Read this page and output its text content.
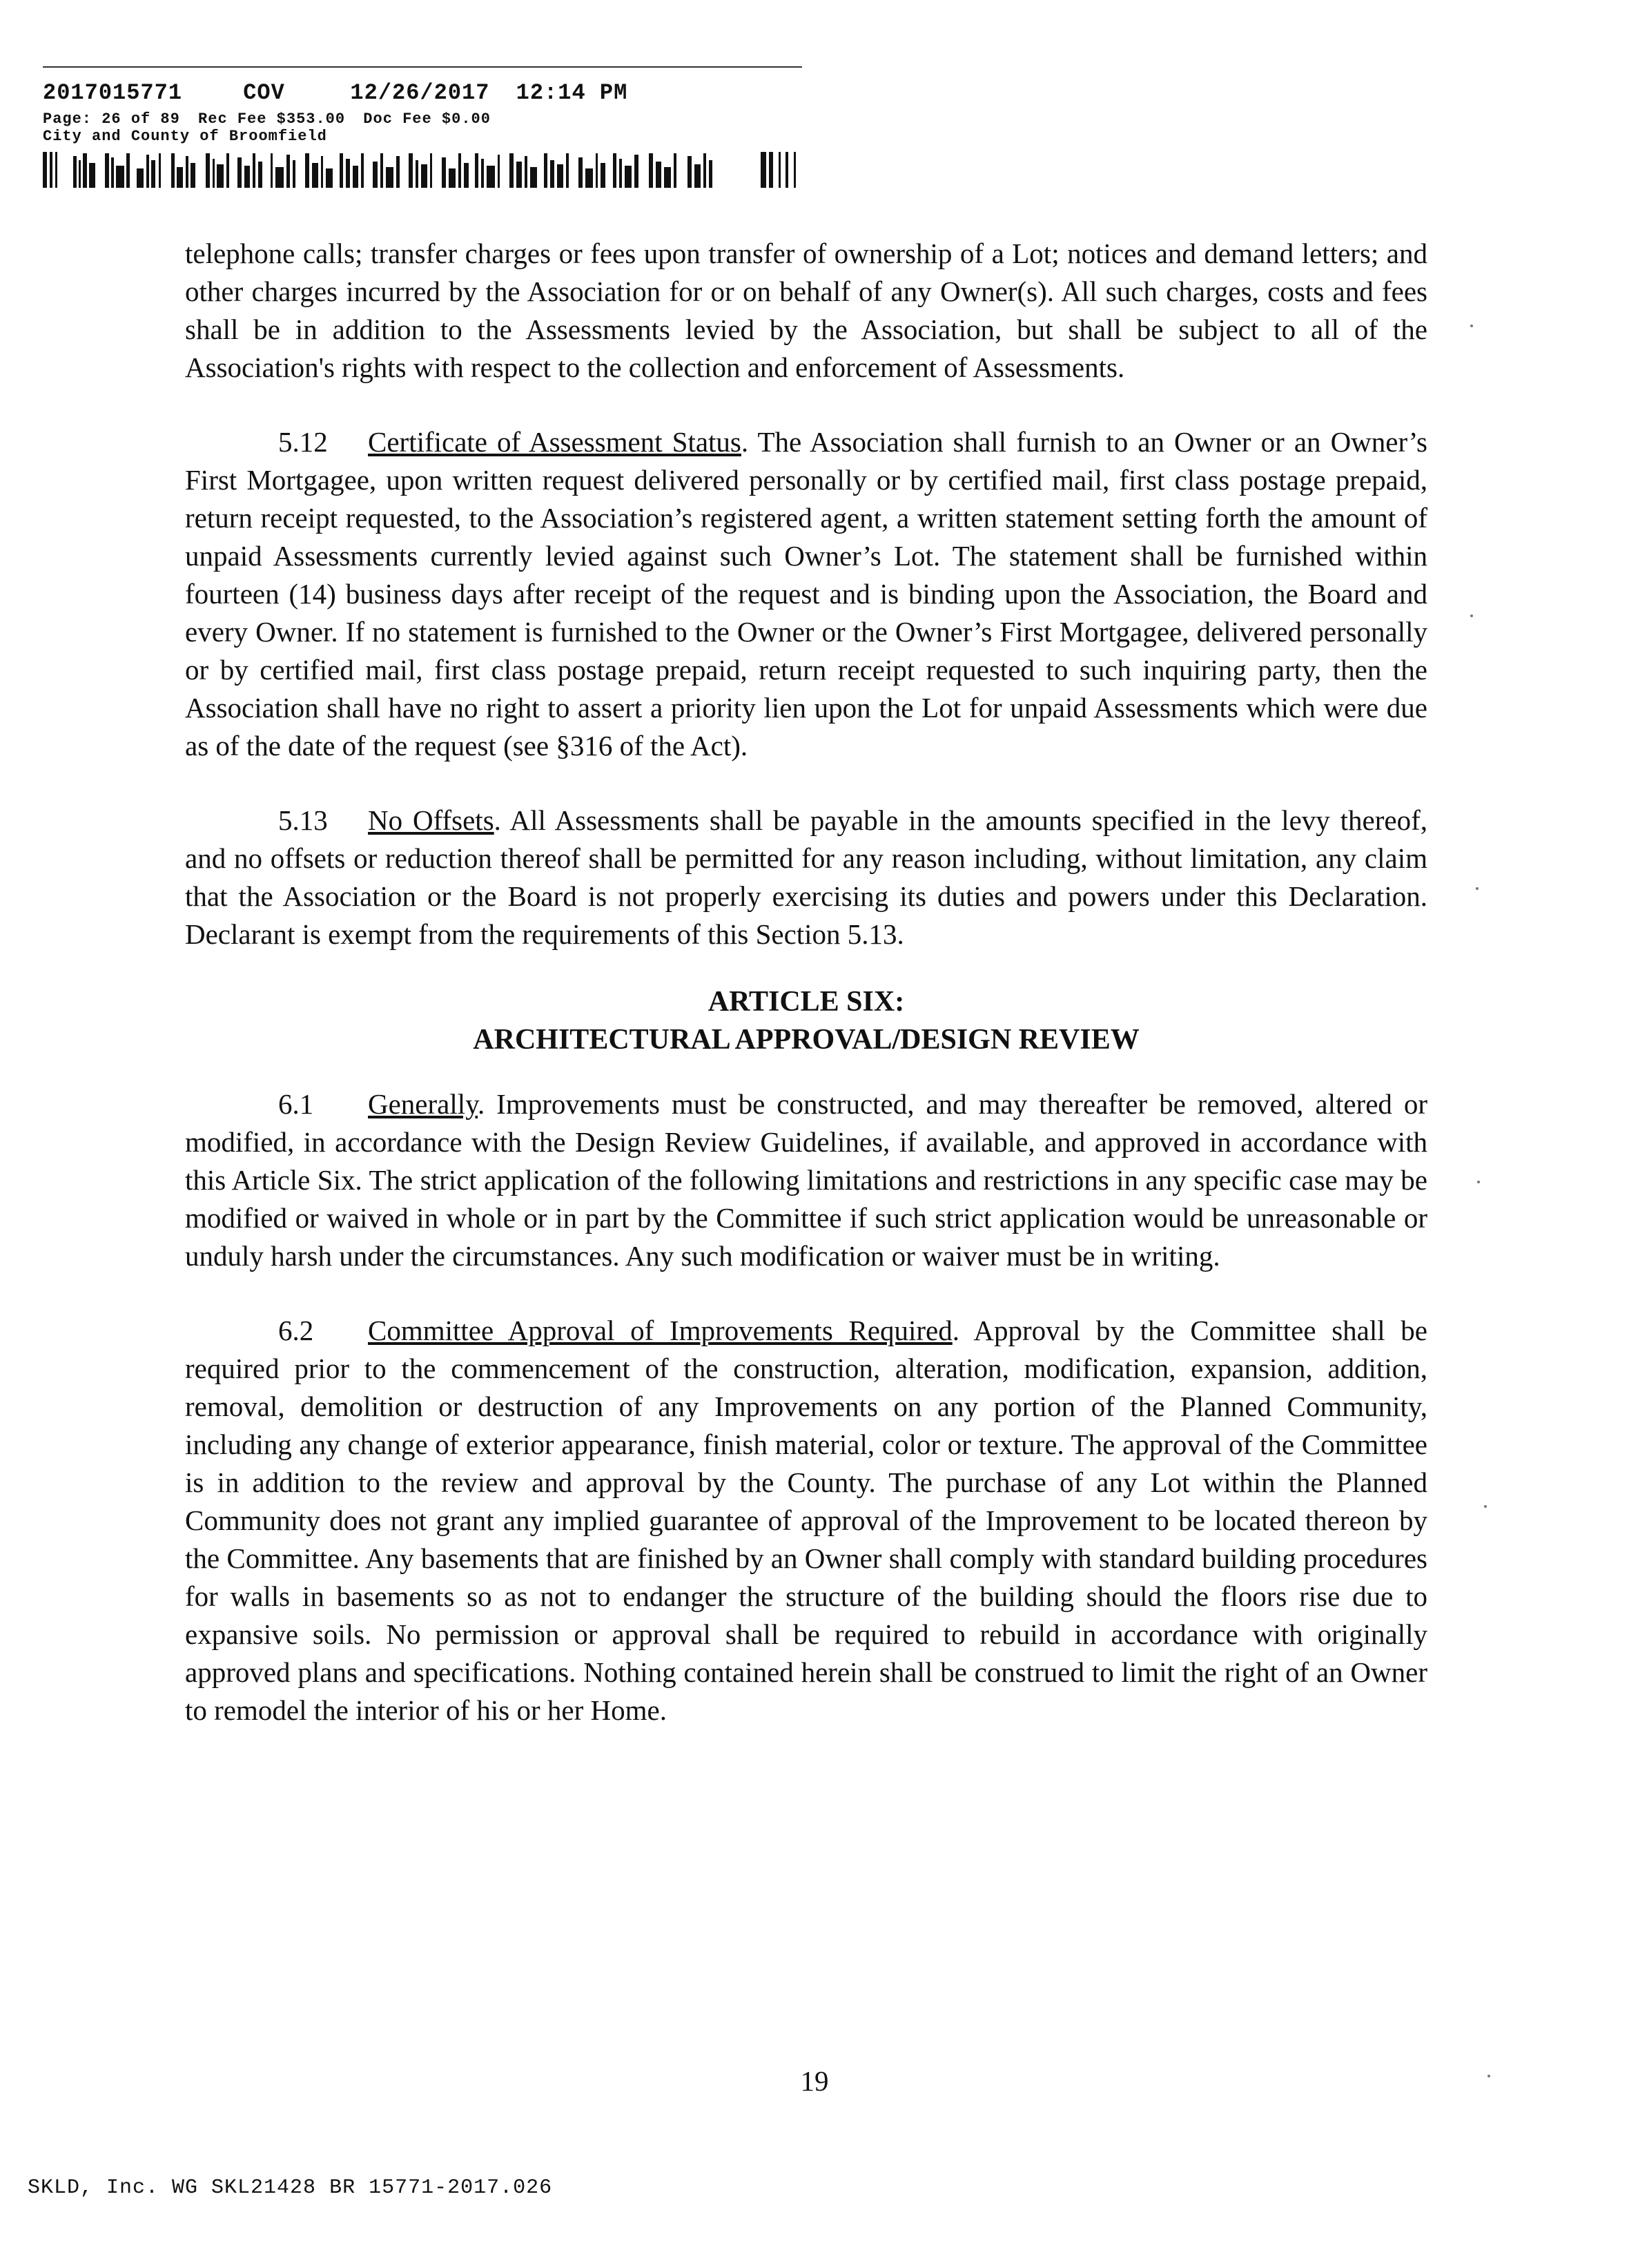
2017015771	COV	12/26/2017 12:14 PM
Page: 26 of 89 Rec Fee $353.00 Doc Fee $0.00
City and County of Broomfield

telephone calls; transfer charges or fees upon transfer of ownership of a Lot; notices and demand letters; and other charges incurred by the Association for or on behalf of any Owner(s). All such charges, costs and fees shall be in addition to the Assessments levied by the Association, but shall be subject to all of the Association's rights with respect to the collection and enforcement of Assessments.

5.12 Certificate of Assessment Status. The Association shall furnish to an Owner or an Owner’s First Mortgagee, upon written request delivered personally or by certified mail, first class postage prepaid, return receipt requested, to the Association’s registered agent, a written statement setting forth the amount of unpaid Assessments currently levied against such Owner’s Lot. The statement shall be furnished within fourteen (14) business days after receipt of the request and is binding upon the Association, the Board and every Owner. If no statement is furnished to the Owner or the Owner’s First Mortgagee, delivered personally or by certified mail, first class postage prepaid, return receipt requested to such inquiring party, then the Association shall have no right to assert a priority lien upon the Lot for unpaid Assessments which were due as of the date of the request (see §316 of the Act).

5.13 No Offsets. All Assessments shall be payable in the amounts specified in the levy thereof, and no offsets or reduction thereof shall be permitted for any reason including, without limitation, any claim that the Association or the Board is not properly exercising its duties and powers under this Declaration. Declarant is exempt from the requirements of this Section 5.13.

ARTICLE SIX:
ARCHITECTURAL APPROVAL/DESIGN REVIEW

6.1 Generally. Improvements must be constructed, and may thereafter be removed, altered or modified, in accordance with the Design Review Guidelines, if available, and approved in accordance with this Article Six. The strict application of the following limitations and restrictions in any specific case may be modified or waived in whole or in part by the Committee if such strict application would be unreasonable or unduly harsh under the circumstances. Any such modification or waiver must be in writing.

6.2 Committee Approval of Improvements Required. Approval by the Committee shall be required prior to the commencement of the construction, alteration, modification, expansion, addition, removal, demolition or destruction of any Improvements on any portion of the Planned Community, including any change of exterior appearance, finish material, color or texture. The approval of the Committee is in addition to the review and approval by the County. The purchase of any Lot within the Planned Community does not grant any implied guarantee of approval of the Improvement to be located thereon by the Committee. Any basements that are finished by an Owner shall comply with standard building procedures for walls in basements so as not to endanger the structure of the building should the floors rise due to expansive soils. No permission or approval shall be required to rebuild in accordance with originally approved plans and specifications. Nothing contained herein shall be construed to limit the right of an Owner to remodel the interior of his or her Home.

19
SKLD, Inc. WG SKL21428 BR 15771-2017.026
